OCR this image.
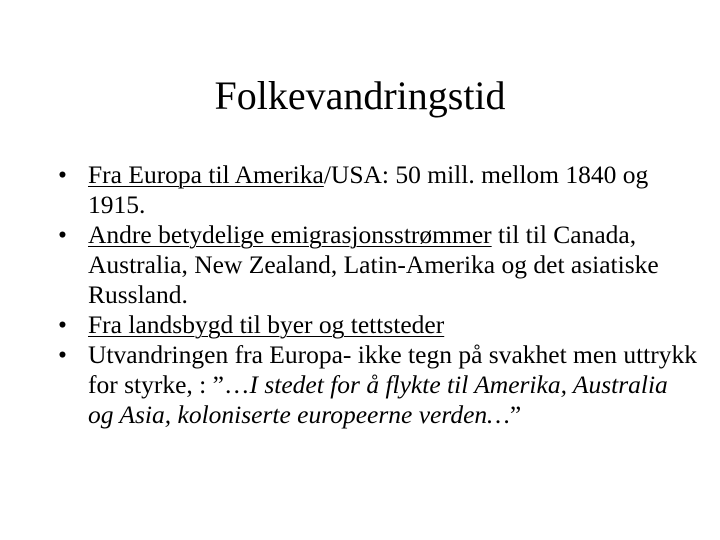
Folkevandringstid
• Fra Europa til Amerika/USA: 50 mill. mellom 1840 og 1915.
• Andre betydelige emigrasjonsstrømmer til til Canada, Australia, New Zealand, Latin-Amerika og det asiatiske Russland.
• Fra landsbygd til byer og tettsteder
• Utvandringen fra Europa- ikke tegn på svakhet men uttrykk for styrke, : ”…I stedet for å flykte til Amerika, Australia og Asia, koloniserte europeerne verden…”
